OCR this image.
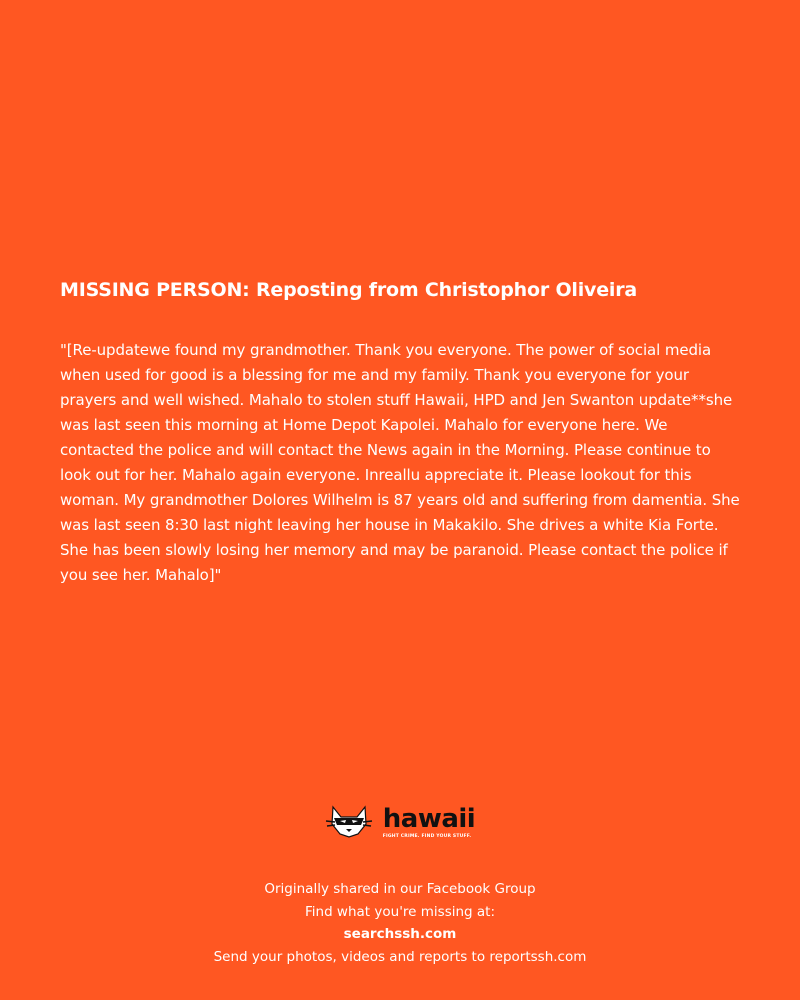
MISSING PERSON: Reposting from Christophor Oliveira

"[Re-updatewe found my grandmother. Thank you everyone. The power of social media when used for good is a blessing for me and my family. Thank you everyone for your prayers and well wished. Mahalo to stolen stuff Hawaii, HPD and Jen Swanton update**she was last seen this morning at Home Depot Kapolei. Mahalo for everyone here. We contacted the police and will contact the News again in the Morning. Please continue to look out for her. Mahalo again everyone. Inreallu appreciate it. Please lookout for this woman. My grandmother Dolores Wilhelm is 87 years old and suffering from damentia. She was last seen 8:30 last night leaving her house in Makakilo. She drives a white Kia Forte. She has been slowly losing her memory and may be paranoid. Please contact the police if you see her. Mahalo]"

hawaii
FIGHT CRIME. FIND YOUR STUFF.
Originally shared in our Facebook Group
Find what you're missing at:
searchssh.com
Send your photos, videos and reports to reportssh.com
